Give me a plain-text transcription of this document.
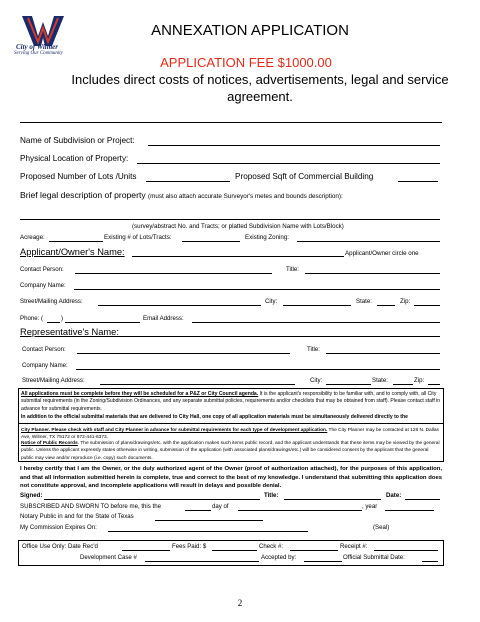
W
City of Wilmer
Serving Our Community
ANNEXATION APPLICATION
APPLICATION FEE $1000.00
Includes direct costs of notices, advertisements, legal and service agreement.
Name of Subdivision or Project:
Physical Location of Property:
Proposed Number of Lots /Units	Proposed Sqft of Commercial Building
Brief legal description of property (must also attach accurate Surveyor's metes and bounds description):
(survey/abstract No. and Tracts; or platted Subdivision Name with Lots/Block)
Acreage:	Existing # of Lots/Tracts:	Existing Zoning:
Applicant/Owner's Name:	Applicant/Owner circle one
Contact Person:	Title:
Company Name:
Street/Mailing Address:	City:	State:	Zip:
Phone: (	)	Email Address:
Representative's Name:
Contact Person:	Title:
Company Name:
Street/Mailing Address:	City:	State:	Zip:
All applications must be complete before they will be scheduled for a P&Z or City Council agenda. It is the applicant's responsibility to be familiar with, and to comply with, all City submittal requirements (in the Zoning/Subdivision Ordinances, and any separate submittal policies, requirements and/or checklists that may be obtained from staff). Please contact staff in advance for submittal requirements.
In addition to the official submittal materials that are delivered to City Hall, one copy of all application materials must be simultaneously delivered directly to the
City Planner. Please check with staff and City Planner in advance for submittal requirements for each type of development application. The City Planner may be contacted at 128 N. Dallas Ave, Wilmer, TX 75172 or 972-441-6373.
Notice of Public Records. The submission of plans/drawings/etc. with the application makes such items public record, and the applicant understands that these items may be viewed by the general public. Unless the applicant expressly states otherwise in writing, submission of the application (with associated plans/drawings/etc.) will be considered consent by the applicant that the general public may view and/or reproduce (i.e. copy) such documents.
I hereby certify that I am the Owner, or the duly authorized agent of the Owner (proof of authorization attached), for the purposes of this application, and that all information submitted herein is complete, true and correct to the best of my knowledge. I understand that submitting this application does not constitute approval, and incomplete applications will result in delays and possible denial.
Signed:	Title:	Date:
SUBSCRIBED AND SWORN TO before me, this the	day of	, year
Notary Public in and for the State of Texas
My Commission Expires On:	(Seal)
Office Use Only: Date Rec'd	Fees Paid: $	Check #:	Receipt #:
Development Case #	Accepted by:	Official Submittal Date:
2
